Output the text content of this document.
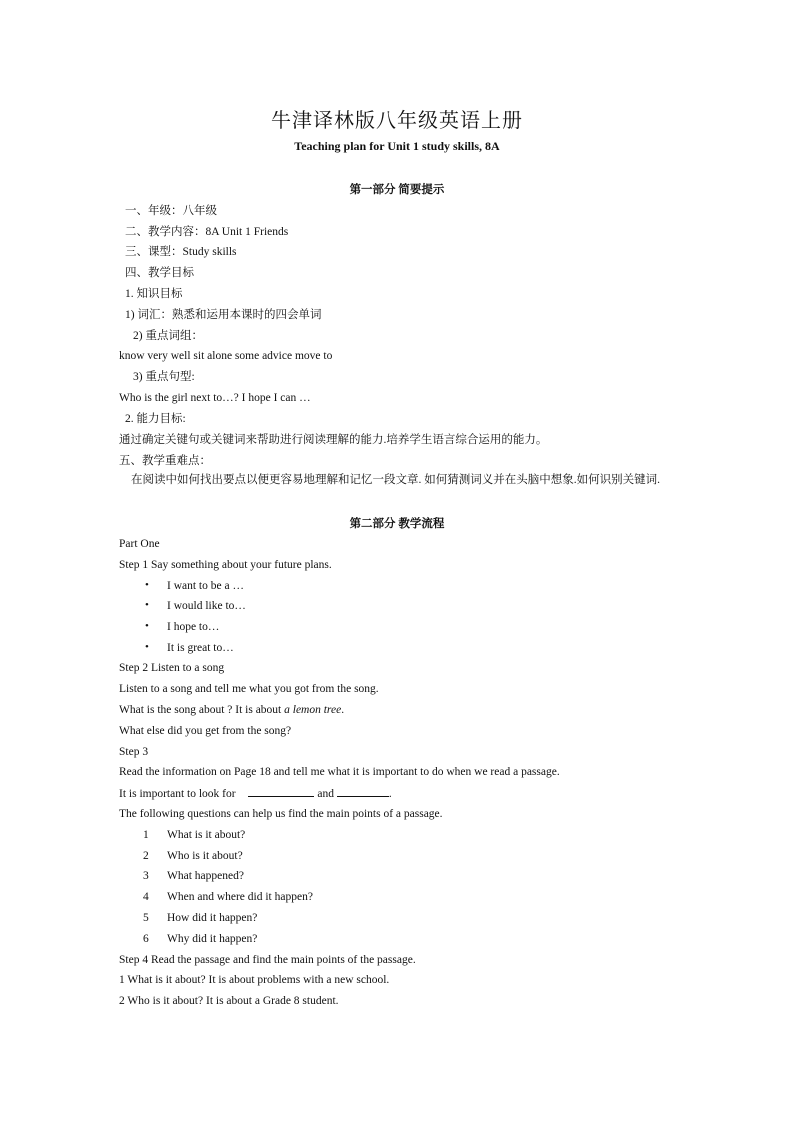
牛津译林版八年级英语上册
Teaching plan for Unit 1 study skills, 8A
第一部分 简要提示
一、年级：八年级
二、教学内容：8A Unit 1 Friends
三、课型：Study skills
四、教学目标
1. 知识目标
1) 词汇：熟悉和运用本课时的四会单词
2) 重点词组：
know very well sit alone some advice move to
3) 重点句型:
Who is the girl next to…? I hope I can …
2. 能力目标:
通过确定关键句或关键词来帮助进行阅读理解的能力.培养学生语言综合运用的能力。
五、教学重难点：
在阅读中如何找出要点以便更容易地理解和记忆一段文章. 如何猜测词义并在头脑中想象.如何识别关键词.
第二部分 教学流程
Part One
Step 1 Say something about your future plans.
• I want to be a …
• I would like to…
• I hope to…
• It is great to…
Step 2 Listen to a song
Listen to a song and tell me what you got from the song.
What is the song about ? It is about a lemon tree.
What else did you get from the song?
Step 3
Read the information on Page 18 and tell me what it is important to do when we read a passage.
It is important to look for	and	.
The following questions can help us find the main points of a passage.
1 What is it about?
2 Who is it about?
3 What happened?
4 When and where did it happen?
5 How did it happen?
6 Why did it happen?
Step 4 Read the passage and find the main points of the passage.
1 What is it about? It is about problems with a new school.
2 Who is it about? It is about a Grade 8 student.
